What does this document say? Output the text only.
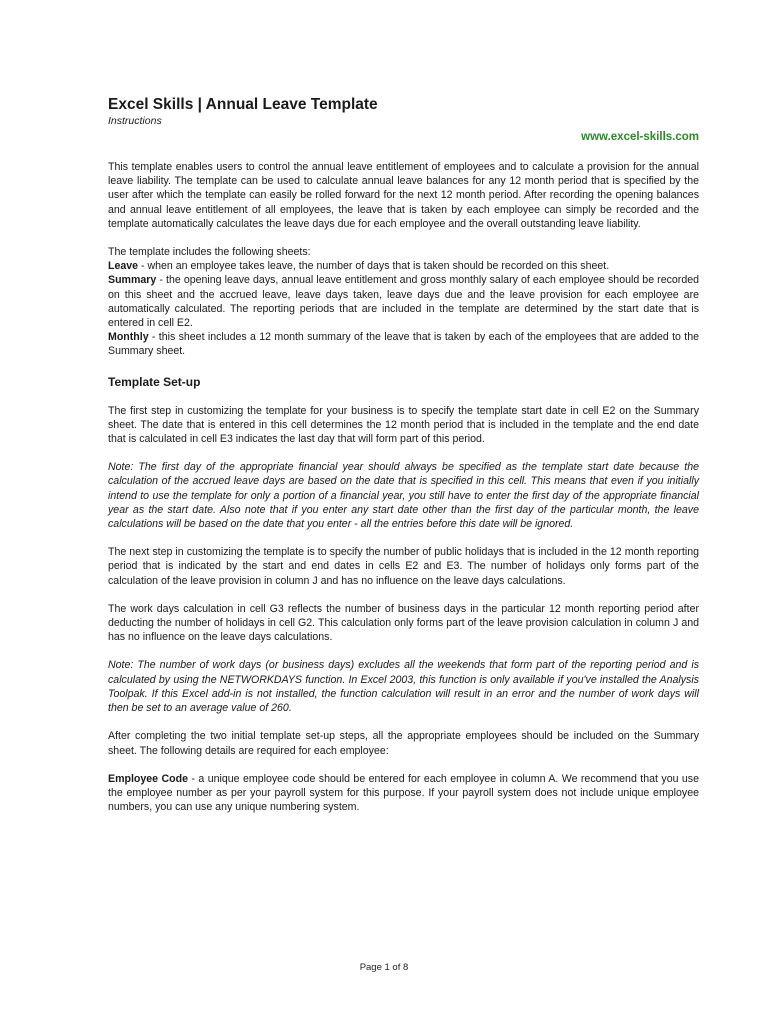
Excel Skills | Annual Leave Template
Instructions
www.excel-skills.com

This template enables users to control the annual leave entitlement of employees and to calculate a provision for the annual leave liability. The template can be used to calculate annual leave balances for any 12 month period that is specified by the user after which the template can easily be rolled forward for the next 12 month period. After recording the opening balances and annual leave entitlement of all employees, the leave that is taken by each employee can simply be recorded and the template automatically calculates the leave days due for each employee and the overall outstanding leave liability.

The template includes the following sheets:

Leave - when an employee takes leave, the number of days that is taken should be recorded on this sheet.

Summary - the opening leave days, annual leave entitlement and gross monthly salary of each employee should be recorded on this sheet and the accrued leave, leave days taken, leave days due and the leave provision for each employee are automatically calculated. The reporting periods that are included in the template are determined by the start date that is entered in cell E2.

Monthly - this sheet includes a 12 month summary of the leave that is taken by each of the employees that are added to the Summary sheet.

Template Set-up

The first step in customizing the template for your business is to specify the template start date in cell E2 on the Summary sheet. The date that is entered in this cell determines the 12 month period that is included in the template and the end date that is calculated in cell E3 indicates the last day that will form part of this period.

Note: The first day of the appropriate financial year should always be specified as the template start date because the calculation of the accrued leave days are based on the date that is specified in this cell. This means that even if you initially intend to use the template for only a portion of a financial year, you still have to enter the first day of the appropriate financial year as the start date. Also note that if you enter any start date other than the first day of the particular month, the leave calculations will be based on the date that you enter - all the entries before this date will be ignored.

The next step in customizing the template is to specify the number of public holidays that is included in the 12 month reporting period that is indicated by the start and end dates in cells E2 and E3. The number of holidays only forms part of the calculation of the leave provision in column J and has no influence on the leave days calculations.

The work days calculation in cell G3 reflects the number of business days in the particular 12 month reporting period after deducting the number of holidays in cell G2. This calculation only forms part of the leave provision calculation in column J and has no influence on the leave days calculations.

Note: The number of work days (or business days) excludes all the weekends that form part of the reporting period and is calculated by using the NETWORKDAYS function. In Excel 2003, this function is only available if you've installed the Analysis Toolpak. If this Excel add-in is not installed, the function calculation will result in an error and the number of work days will then be set to an average value of 260.

After completing the two initial template set-up steps, all the appropriate employees should be included on the Summary sheet. The following details are required for each employee:

Employee Code - a unique employee code should be entered for each employee in column A. We recommend that you use the employee number as per your payroll system for this purpose. If your payroll system does not include unique employee numbers, you can use any unique numbering system.

Page 1 of 8
